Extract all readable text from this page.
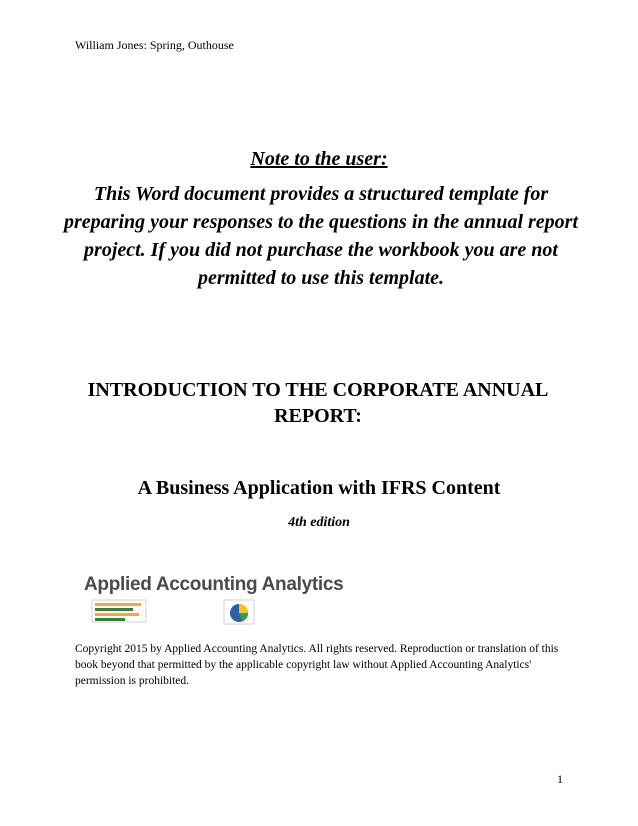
William Jones: Spring, Outhouse
Note to the user:
This Word document provides a structured template for preparing your responses to the questions in the annual report project. If you did not purchase the workbook you are not permitted to use this template.
INTRODUCTION TO THE CORPORATE ANNUAL REPORT:
A Business Application with IFRS Content
4th edition
Applied Accounting Analytics
Copyright 2015 by Applied Accounting Analytics. All rights reserved. Reproduction or translation of this book beyond that permitted by the applicable copyright law without Applied Accounting Analytics' permission is prohibited.
1
